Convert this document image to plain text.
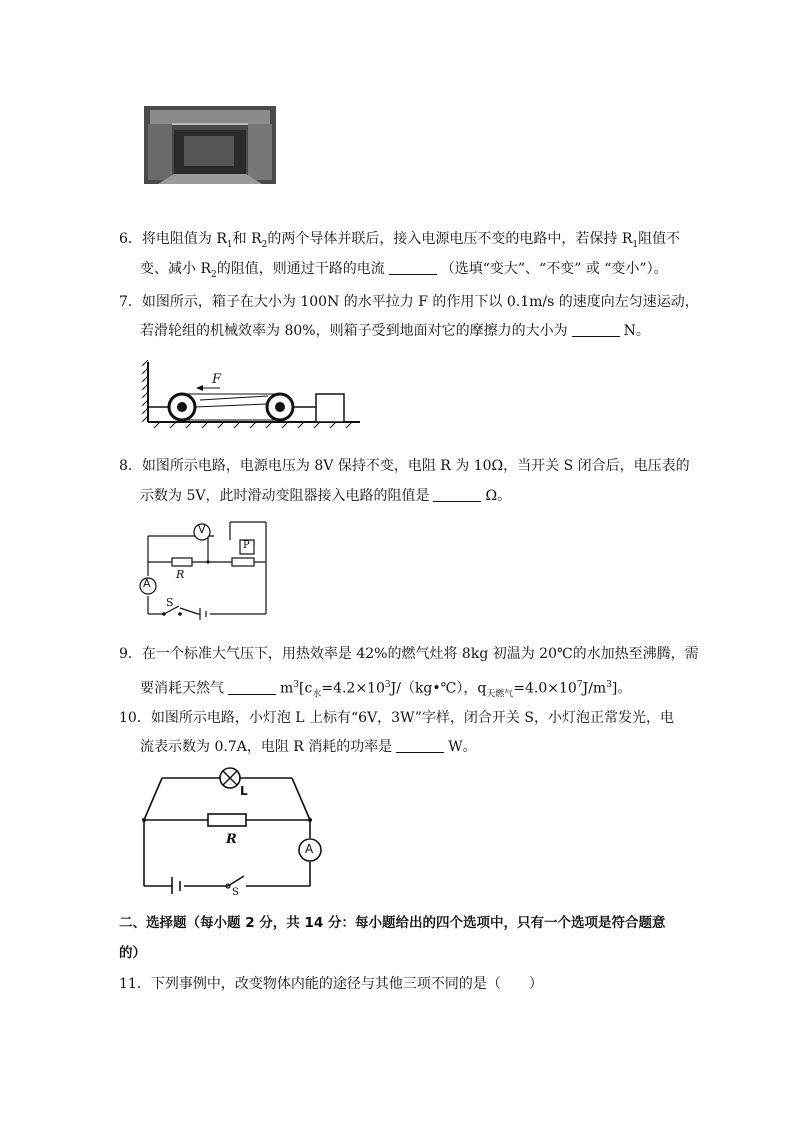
6．将电阻值为 $R_1$和 $R_2$的两个导体并联后，接入电源电压不变的电路中，若保持 $R_1$阻值不
变、减小 $R_2$的阻值，则通过干路的电流	（选填“变大”、“不变” 或 “变小”）。
7．如图所示，箱子在大小为 100N 的水平拉力 F 的作用下以 0.1m/s 的速度向左匀速运动，
若滑轮组的机械效率为 80%，则箱子受到地面对它的摩擦力的大小为	N。
F
8．如图所示电路，电源电压为 8V 保持不变，电阻 R 为 10Ω，当开关 S 闭合后，电压表的
示数为 5V，此时滑动变阻器接入电路的阻值是	Ω。
V
A
R
S
P
9．在一个标准大气压下，用热效率是 42%的燃气灶将 8kg 初温为 20℃的水加热至沸腾，需
要消耗天然气	$m^3[c_水=4.2\times 10^3J/(kg•℃)$，$q_{天燃气}=4.0\times 10^7J/m^3$]。
10．如图所示电路，小灯泡 L 上标有“6V，3W”字样，闭合开关 S，小灯泡正常发光，电
流表示数为 0.7A，电阻 R 消耗的功率是	W。
L
R
A
S
二、选择题（每小题 2 分，共 14 分：每小题给出的四个选项中，只有一个选项是符合题意
的）
11．下列事例中，改变物体内能的途径与其他三项不同的是（　　）
